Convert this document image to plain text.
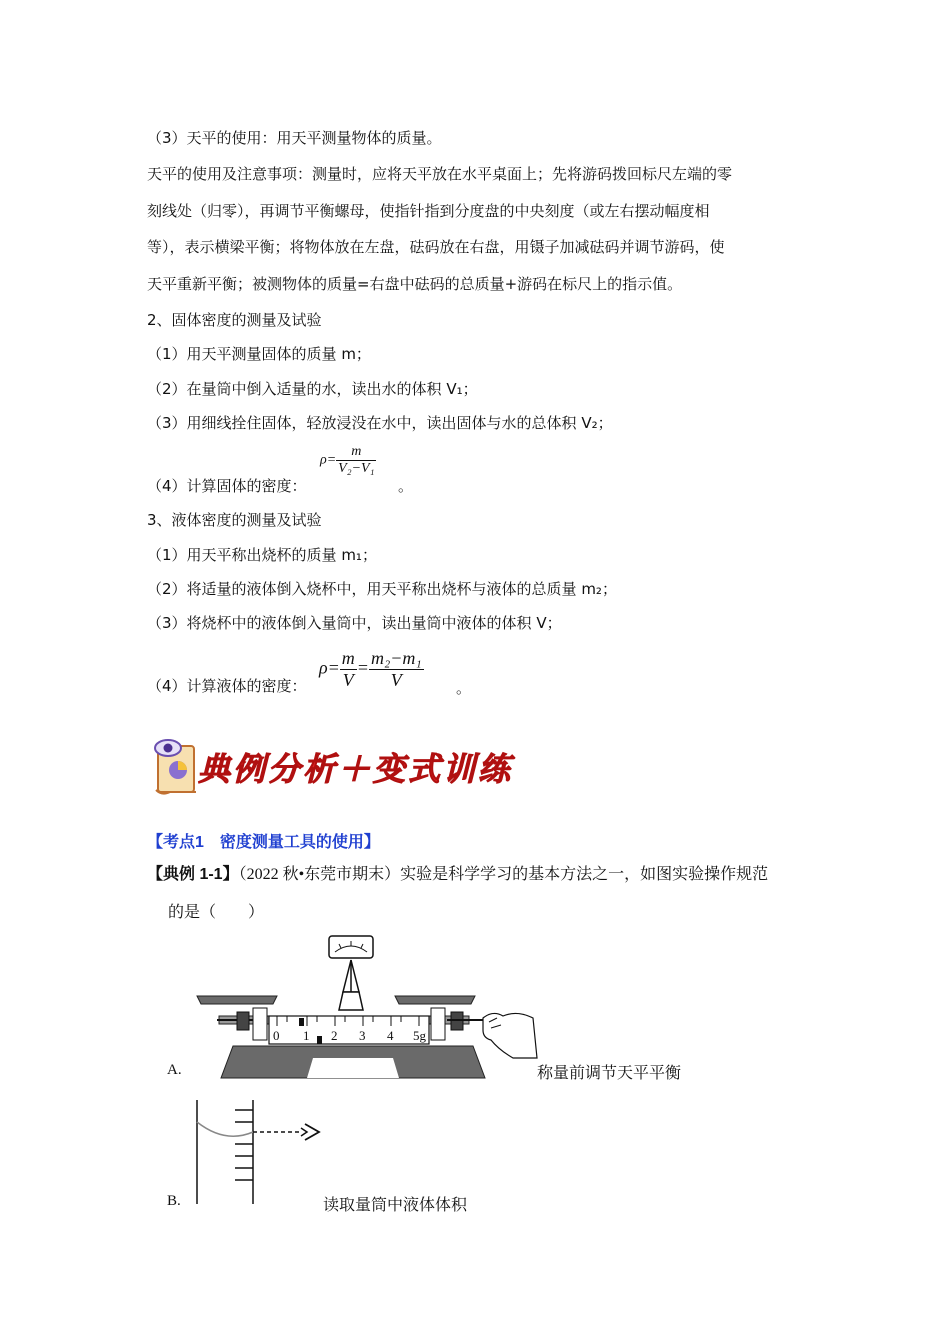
（3）天平的使用：用天平测量物体的质量。
天平的使用及注意事项：测量时，应将天平放在水平桌面上；先将游码拨回标尺左端的零
刻线处（归零），再调节平衡螺母，使指针指到分度盘的中央刻度（或左右摆动幅度相
等），表示横梁平衡；将物体放在左盘，砝码放在右盘，用镊子加减砝码并调节游码，使
天平重新平衡；被测物体的质量=右盘中砝码的总质量+游码在标尺上的指示值。
2、固体密度的测量及试验
（1）用天平测量固体的质量 m；
（2）在量筒中倒入适量的水，读出水的体积 V₁；
（3）用细线拴住固体，轻放浸没在水中，读出固体与水的总体积 V₂；
（4）计算固体的密度：
$\rho= \frac{m}{\text{V₂−V₁}}$
。
3、液体密度的测量及试验
（1）用天平称出烧杯的质量 m₁；
（2）将适量的液体倒入烧杯中，用天平称出烧杯与液体的总质量 m₂；
（3）将烧杯中的液体倒入量筒中，读出量筒中液体的体积 V；
（4）计算液体的密度：
$\rho= \frac{m}{V} = \frac{\text{m₂−m₁}}{V}$ 。
典例分析＋变式训练
【考点1　密度测量工具的使用】
【典例 1-1】（2022 秋•东莞市期末）实验是科学学习的基本方法之一，如图实验操作规范
的是（　　）
0 1 2 3 4 5g
A.	称量前调节天平平衡
B.	读取量筒中液体体积
